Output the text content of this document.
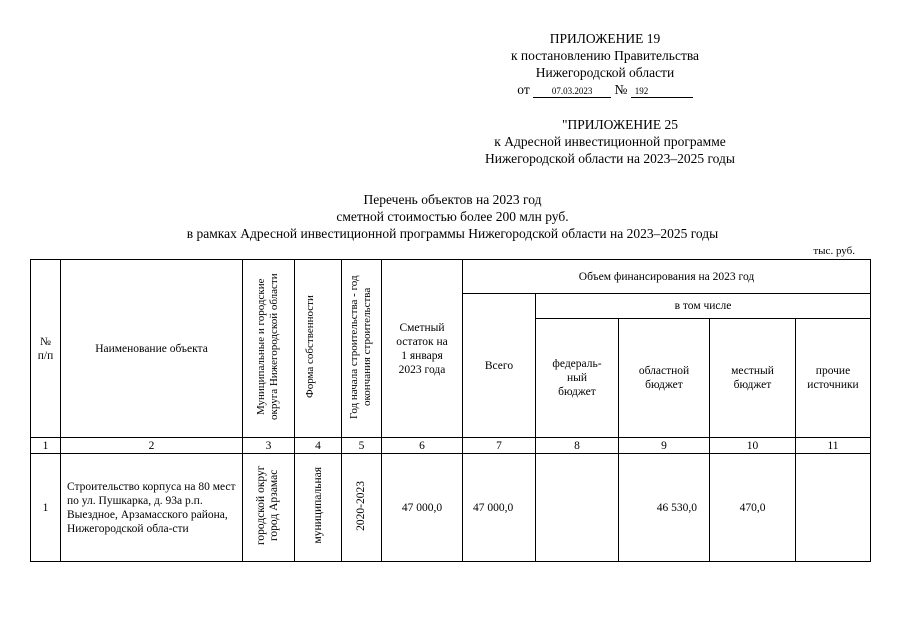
ПРИЛОЖЕНИЕ 19
к постановлению Правительства
Нижегородской области
от 07.03.2023 № 192
"ПРИЛОЖЕНИЕ 25
к Адресной инвестиционной программе
Нижегородской области на 2023–2025 годы
Перечень объектов на 2023 год
сметной стоимостью более 200 млн руб.
в рамках Адресной инвестиционной программы Нижегородской области на 2023–2025 годы
тыс. руб.
№ п/п	Наименование объекта	Муниципальные и городские округа Нижегородской области	Форма собственности	Год начала строительства - год окончания строительства	Сметный остаток на 1 января 2023 года	Объем финансирования на 2023 год				
						Всего	в том числе			
							федераль-ный бюджет	областной бюджет	местный бюджет	прочие источники
1	2	3	4	5	6	7	8	9	10	11
1	Строительство корпуса на 80 мест по ул. Пушкарка, д. 93а р.п. Выездное, Арзамасского района, Нижегородской обла-сти	городской округ город Арзамас	муниципальная	2020-2023	47 000,0	47 000,0		46 530,0	470,0	
